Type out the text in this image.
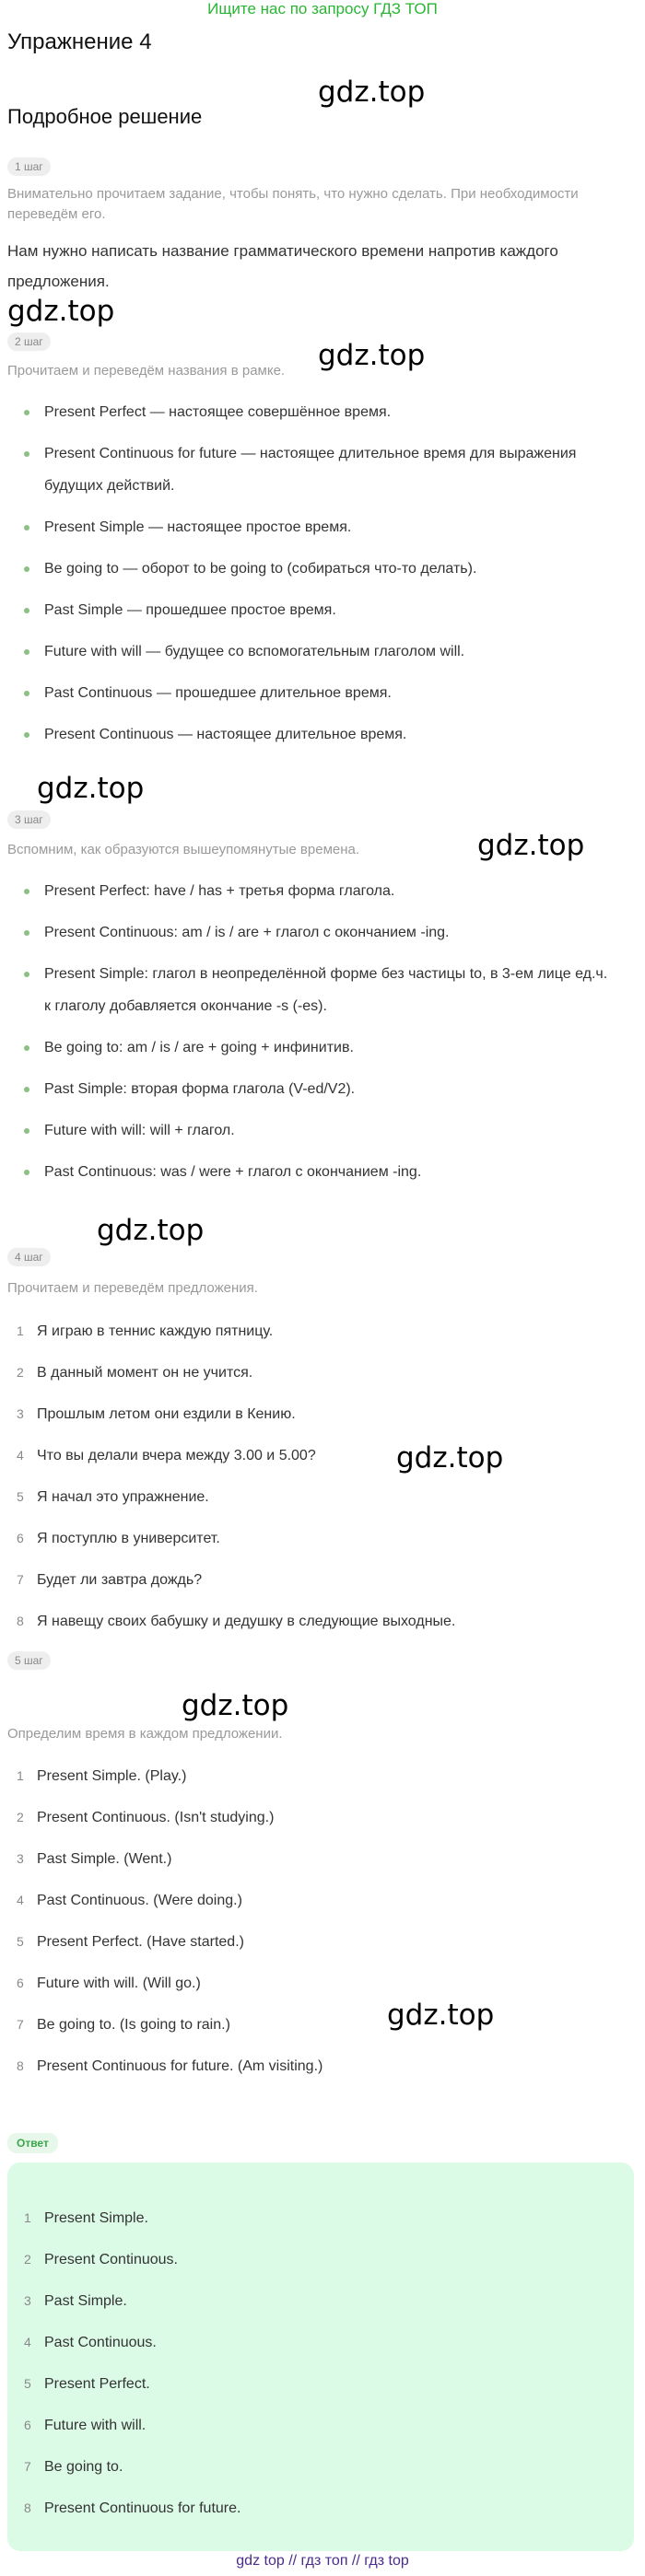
Ищите нас по запросу ГДЗ ТОП
Упражнение 4
Подробное решение
gdz.top
gdz.top
gdz.top
gdz.top
gdz.top
gdz.top
gdz.top
gdz.top
gdz.top
1 шаг
Внимательно прочитаем задание, чтобы понять, что нужно сделать. При необходимости переведём его.
Нам нужно написать название грамматического времени напротив каждого предложения.
2 шаг
Прочитаем и переведём названия в рамке.
Present Perfect — настоящее совершённое время.
Present Continuous for future — настоящее длительное время для выражения будущих действий.
Present Simple — настоящее простое время.
Be going to — оборот to be going to (собираться что-то делать).
Past Simple — прошедшее простое время.
Future with will — будущее со вспомогательным глаголом will.
Past Continuous — прошедшее длительное время.
Present Continuous — настоящее длительное время.
3 шаг
Вспомним, как образуются вышеупомянутые времена.
Present Perfect: have / has + третья форма глагола.
Present Continuous: am / is / are + глагол с окончанием -ing.
Present Simple: глагол в неопределённой форме без частицы to, в 3-ем лице ед.ч. к глаголу добавляется окончание -s (-es).
Be going to: am / is / are + going + инфинитив.
Past Simple: вторая форма глагола (V-ed/V2).
Future with will: will + глагол.
Past Continuous: was / were + глагол с окончанием -ing.
4 шаг
Прочитаем и переведём предложения.
1 Я играю в теннис каждую пятницу.
2 В данный момент он не учится.
3 Прошлым летом они ездили в Кению.
4 Что вы делали вчера между 3.00 и 5.00?
5 Я начал это упражнение.
6 Я поступлю в университет.
7 Будет ли завтра дождь?
8 Я навещу своих бабушку и дедушку в следующие выходные.
5 шаг
Определим время в каждом предложении.
1 Present Simple. (Play.)
2 Present Continuous. (Isn't studying.)
3 Past Simple. (Went.)
4 Past Continuous. (Were doing.)
5 Present Perfect. (Have started.)
6 Future with will. (Will go.)
7 Be going to. (Is going to rain.)
8 Present Continuous for future. (Am visiting.)
Ответ
1 Present Simple.
2 Present Continuous.
3 Past Simple.
4 Past Continuous.
5 Present Perfect.
6 Future with will.
7 Be going to.
8 Present Continuous for future.
gdz top // гдз топ // гдз top
